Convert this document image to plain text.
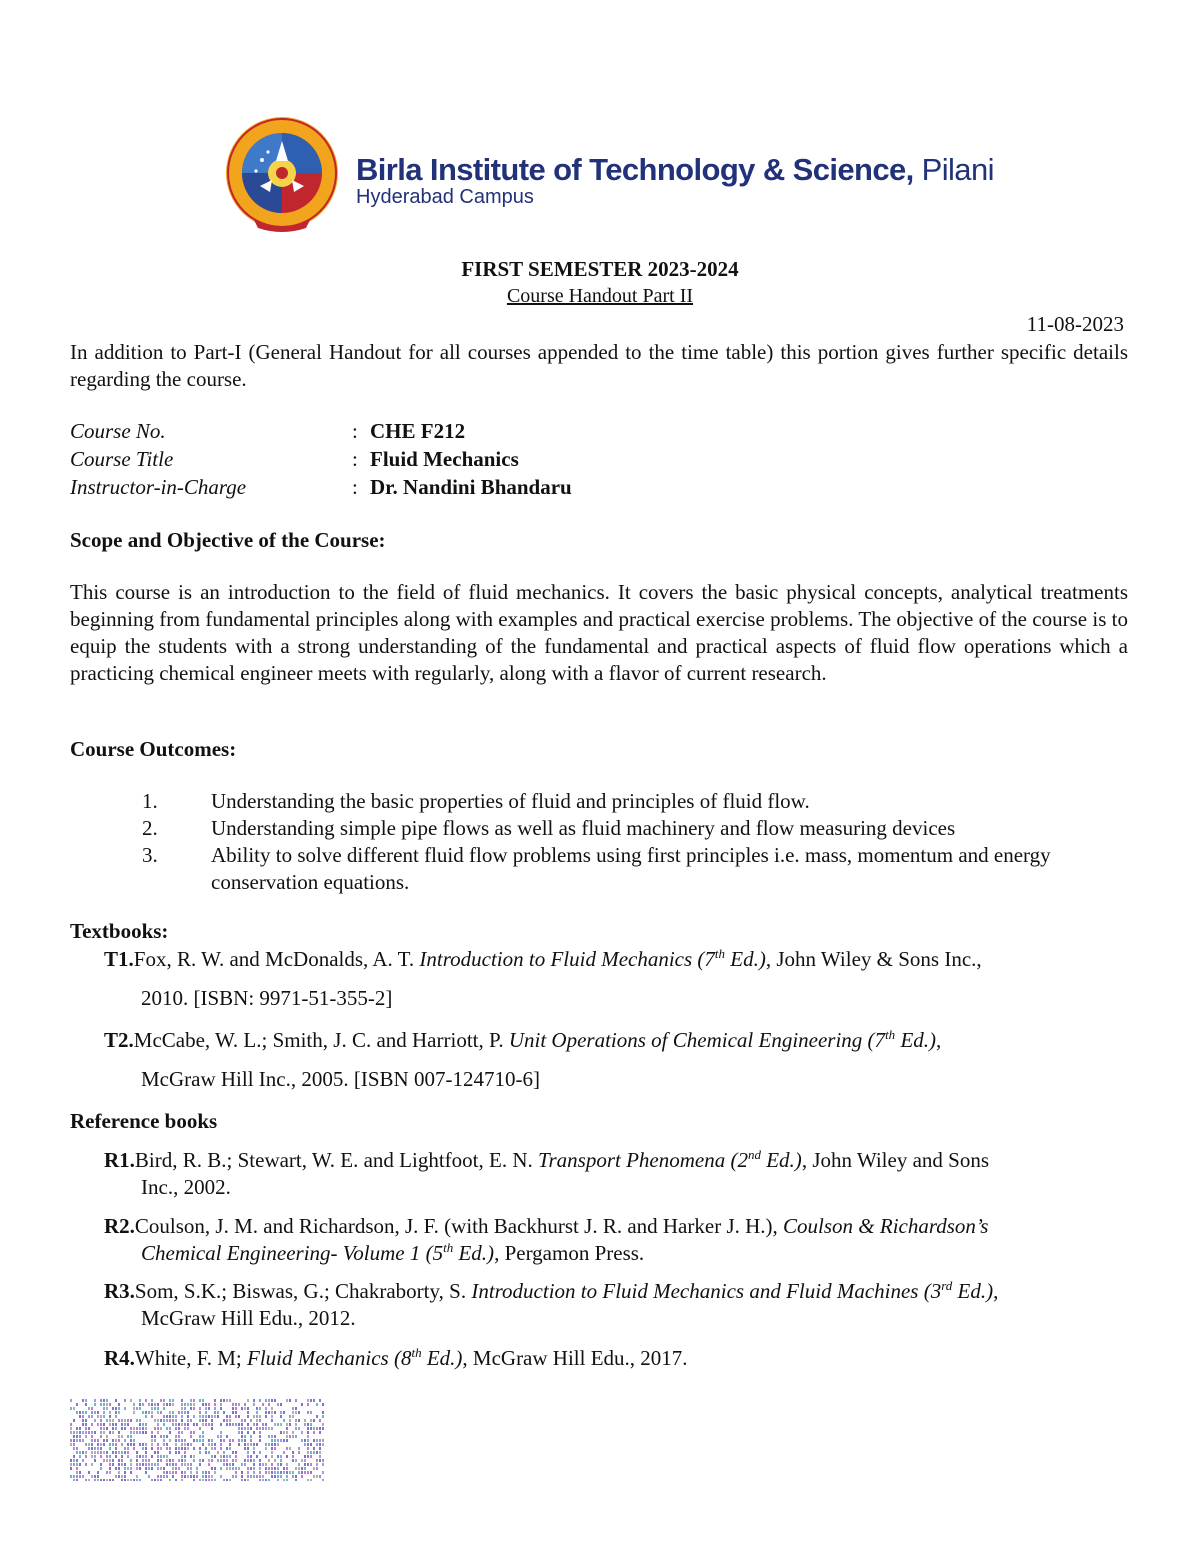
Birla Institute of Technology & Science, Pilani
Hyderabad Campus
FIRST SEMESTER 2023-2024
Course Handout Part II
11-08-2023
In addition to Part-I (General Handout for all courses appended to the time table) this portion gives further specific details regarding the course.
Course No.	: CHE F212
Course Title	: Fluid Mechanics
Instructor-in-Charge	: Dr. Nandini Bhandaru
Scope and Objective of the Course:
This course is an introduction to the field of fluid mechanics. It covers the basic physical concepts, analytical treatments beginning from fundamental principles along with examples and practical exercise problems. The objective of the course is to equip the students with a strong understanding of the fundamental and practical aspects of fluid flow operations which a practicing chemical engineer meets with regularly, along with a flavor of current research.
Course Outcomes:
1.	Understanding the basic properties of fluid and principles of fluid flow.
2.	Understanding simple pipe flows as well as fluid machinery and flow measuring devices
3.	Ability to solve different fluid flow problems using first principles i.e. mass, momentum and energy conservation equations.
Textbooks:
T1.Fox, R. W. and McDonalds, A. T. Introduction to Fluid Mechanics (7th Ed.), John Wiley & Sons Inc.,
2010. [ISBN: 9971-51-355-2]
T2.McCabe, W. L.; Smith, J. C. and Harriott, P. Unit Operations of Chemical Engineering (7th Ed.),
McGraw Hill Inc., 2005. [ISBN 007-124710-6]
Reference books
R1.Bird, R. B.; Stewart, W. E. and Lightfoot, E. N. Transport Phenomena (2nd Ed.), John Wiley and Sons
Inc., 2002.
R2.Coulson, J. M. and Richardson, J. F. (with Backhurst J. R. and Harker J. H.), Coulson & Richardson’s
Chemical Engineering- Volume 1 (5th Ed.), Pergamon Press.
R3.Som, S.K.; Biswas, G.; Chakraborty, S. Introduction to Fluid Mechanics and Fluid Machines (3rd Ed.),
McGraw Hill Edu., 2012.
R4.White, F. M; Fluid Mechanics (8th Ed.), McGraw Hill Edu., 2017.
